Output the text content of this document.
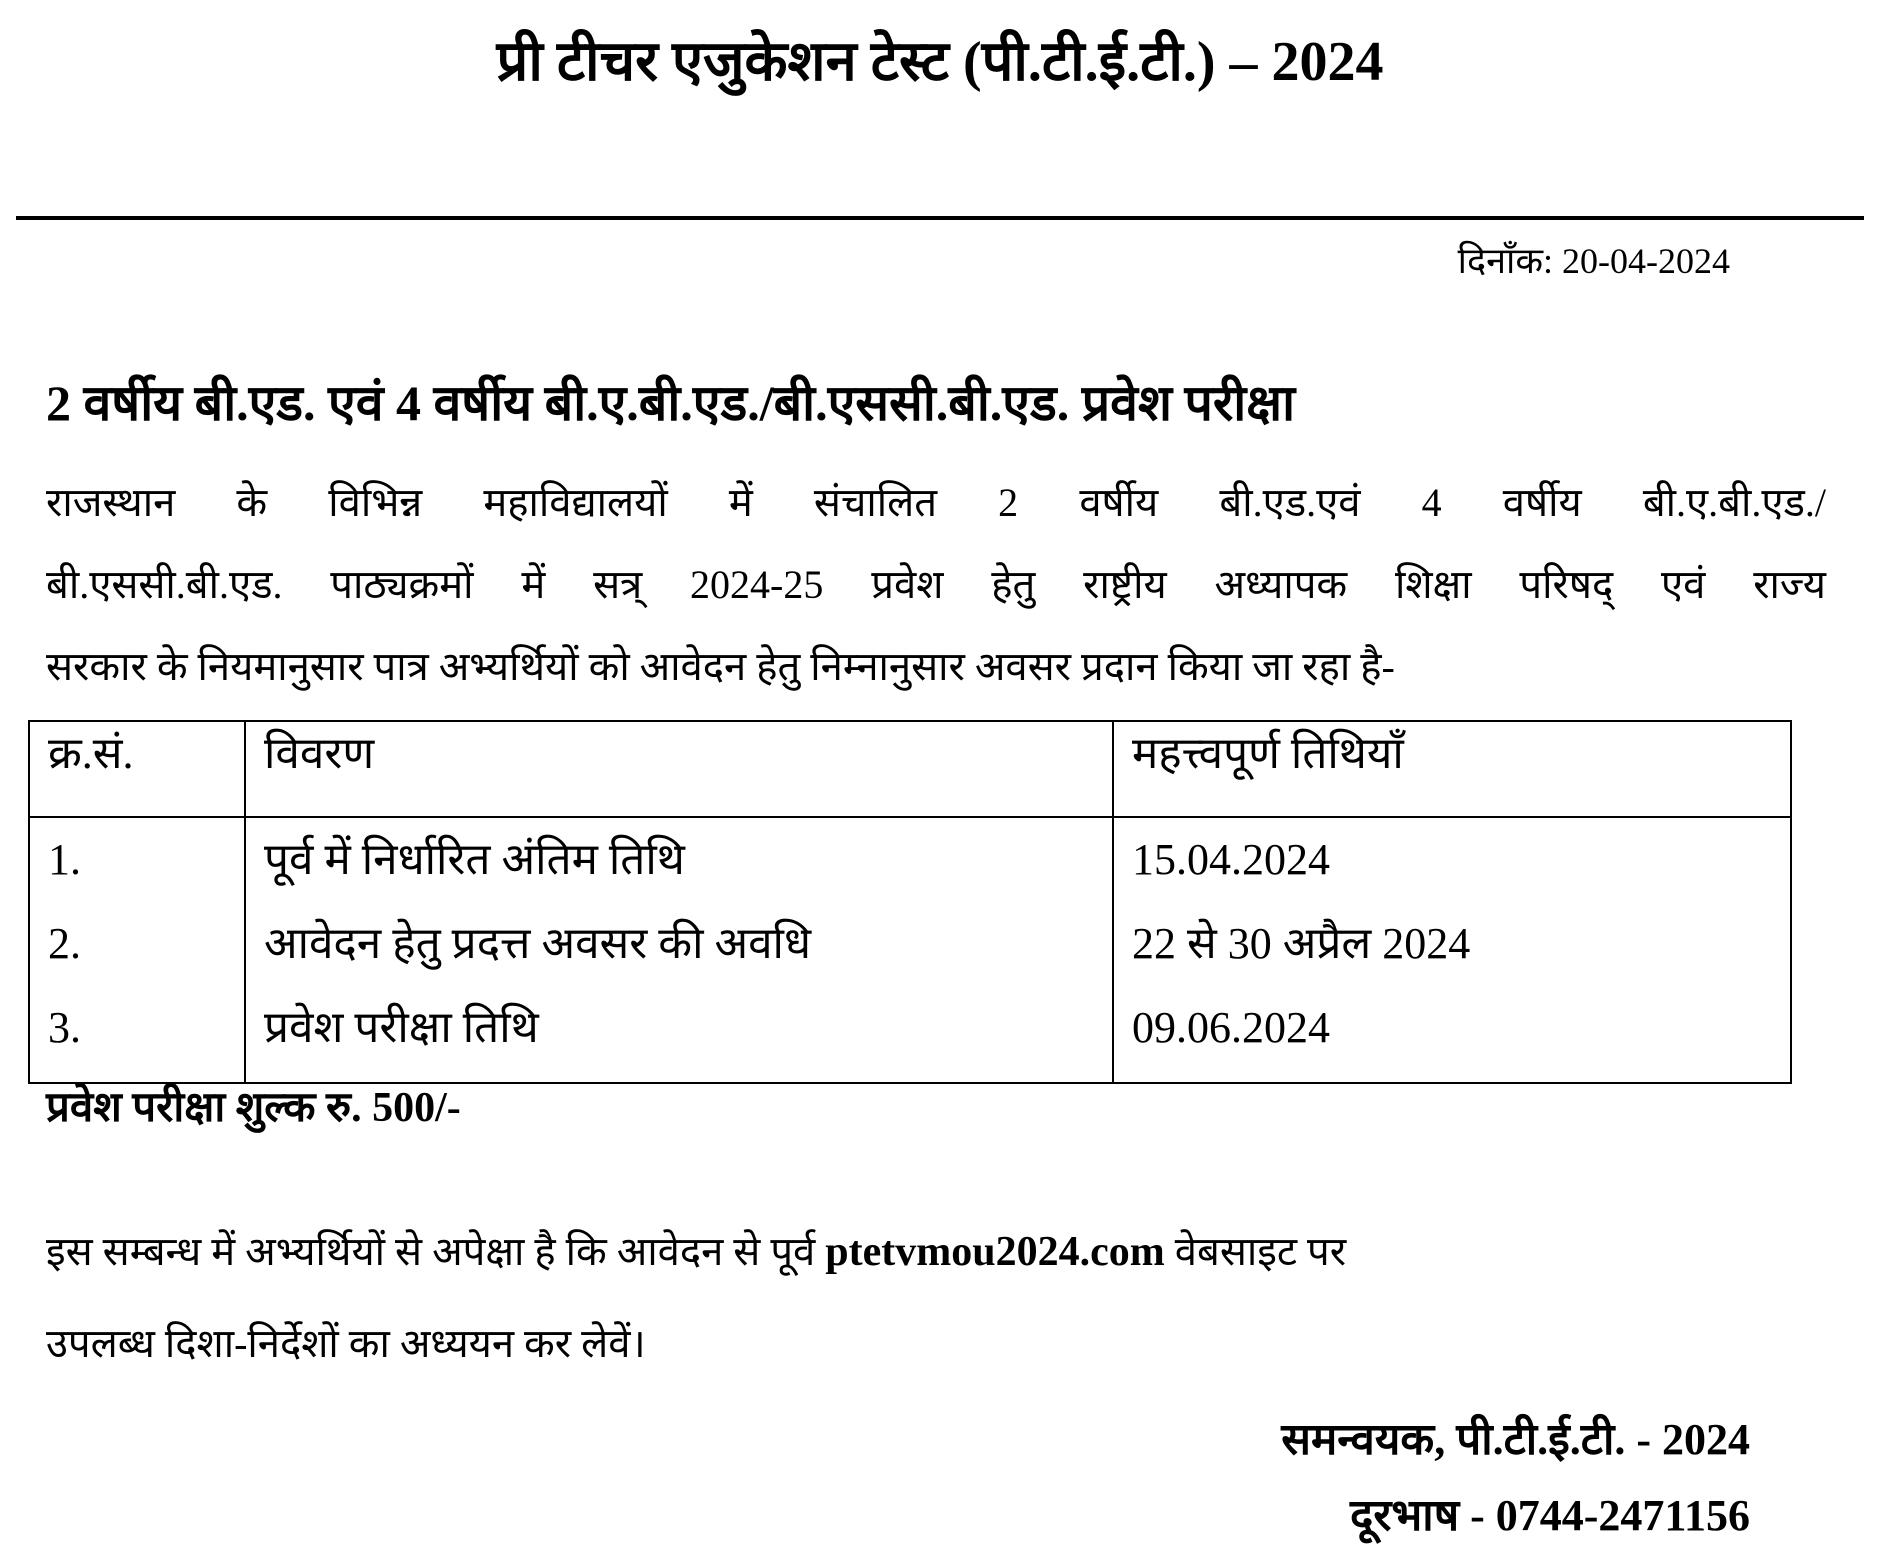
प्री टीचर एजुकेशन टेस्ट (पी.टी.ई.टी.) – 2024
दिनाँक: 20-04-2024
2 वर्षीय बी.एड. एवं 4 वर्षीय बी.ए.बी.एड./बी.एससी.बी.एड. प्रवेश परीक्षा
राजस्थान के विभिन्न महाविद्यालयों में संचालित 2 वर्षीय बी.एड.एवं 4 वर्षीय बी.ए.बी.एड./
बी.एससी.बी.एड. पाठ्यक्रमों में सत्र् 2024-25 प्रवेश हेतु राष्ट्रीय अध्यापक शिक्षा परिषद् एवं राज्य
सरकार के नियमानुसार पात्र अभ्यर्थियों को आवेदन हेतु निम्नानुसार अवसर प्रदान किया जा रहा है-
क्र.सं.	विवरण	महत्त्वपूर्ण तिथियाँ
1.	पूर्व में निर्धारित अंतिम तिथि	15.04.2024
2.	आवेदन हेतु प्रदत्त अवसर की अवधि	22 से 30 अप्रैल 2024
3.	प्रवेश परीक्षा तिथि	09.06.2024
प्रवेश परीक्षा शुल्क रु. 500/-
इस सम्बन्ध में अभ्यर्थियों से अपेक्षा है कि आवेदन से पूर्व ptetvmou2024.com वेबसाइट पर
उपलब्ध दिशा-निर्देशों का अध्ययन कर लेवें।
समन्वयक, पी.टी.ई.टी. - 2024
दूरभाष - 0744-2471156
